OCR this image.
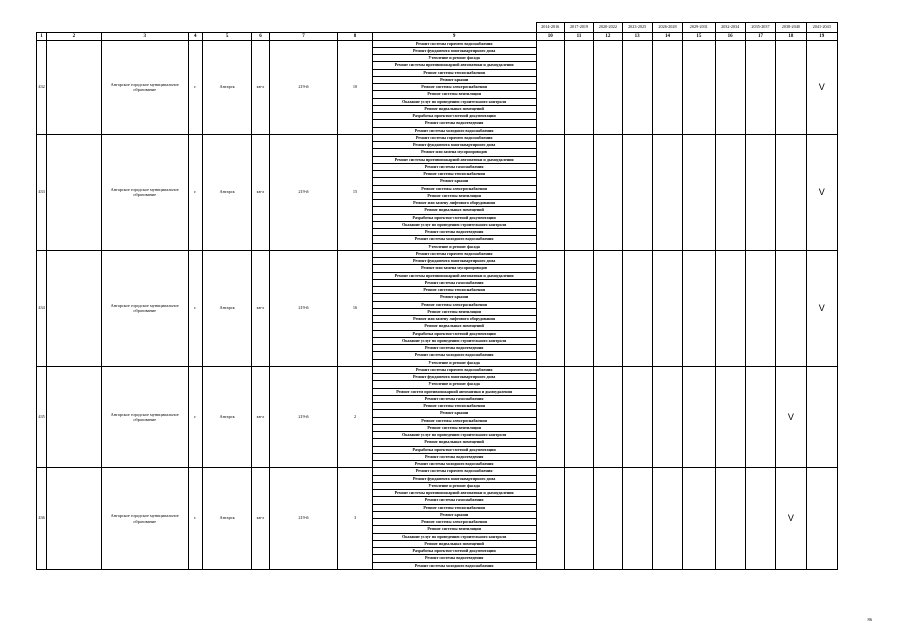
									2014-2016	2017-2019	2020-2022	2023-2025	2026-2028	2029-2031	2032-2034	2035-2037	2038-2040	2041-2043
1	2	3	4	5	6	7	8	9	10	11	12	13	14	15	16	17	18	19
432		Ангарское городское муниципальное образование	г.	Ангарск	кв-л	219-й	10	Ремонт системы горячего водоснабжения										V
								Ремонт фундамента многоквартирного дома										
								Утепление и ремонт фасада										
								Ремонт системы противопожарной автоматики и дымоудаления										
								Ремонт системы теплоснабжения										
								Ремонт крыши										
								Ремонт системы электроснабжения										
								Ремонт системы вентиляции										
								Оказание услуг по проведению строительного контроля										
								Ремонт подвальных помещений										
								Разработка проектно-сметной документации										
								Ремонт системы водоотведения										
								Ремонт системы холодного водоснабжения										
433		Ангарское городское муниципальное образование	г.	Ангарск	кв-л	219-й	15	Ремонт системы горячего водоснабжения										V
								Ремонт фундамента многоквартирного дома										
								Ремонт или замена мусоропроводов										
								Ремонт системы противопожарной автоматики и дымоудаления										
								Ремонт системы газоснабжения										
								Ремонт системы теплоснабжения										
								Ремонт крыши										
								Ремонт системы электроснабжения										
								Ремонт системы вентиляции										
								Ремонт или замену лифтового оборудования										
								Ремонт подвальных помещений										
								Разработка проектно-сметной документации										
								Оказание услуг по проведению строительного контроля										
								Ремонт системы водоотведения										
								Ремонт системы холодного водоснабжения										
								Утепление и ремонт фасада										
434		Ангарское городское муниципальное образование	г.	Ангарск	кв-л	219-й	16	Ремонт системы горячего водоснабжения										V
								Ремонт фундамента многоквартирного дома										
								Ремонт или замена мусоропроводов										
								Ремонт системы противопожарной автоматики и дымоудаления										
								Ремонт системы газоснабжения										
								Ремонт системы теплоснабжения										
								Ремонт крыши										
								Ремонт системы электроснабжения										
								Ремонт системы вентиляции										
								Ремонт или замену лифтового оборудования										
								Ремонт подвальных помещений										
								Разработка проектно-сметной документации										
								Оказание услуг по проведению строительного контроля										
								Ремонт системы водоотведения										
								Ремонт системы холодного водоснабжения										
								Утепление и ремонт фасада										
435		Ангарское городское муниципальное образование	г.	Ангарск	кв-л	219-й	2	Ремонт системы горячего водоснабжения									V	
								Ремонт фундамента многоквартирного дома										
								Утепление и ремонт фасада										
								Ремонт систем противопожарной автоматики и дымоудаления										
								Ремонт системы газоснабжения										
								Ремонт системы теплоснабжения										
								Ремонт крыши										
								Ремонт системы электроснабжения										
								Ремонт системы вентиляции										
								Оказание услуг по проведению строительного контроля										
								Ремонт подвальных помещений										
								Разработка проектно-сметной документации										
								Ремонт системы водоотведения										
								Ремонт системы холодного водоснабжения										
436		Ангарское городское муниципальное образование	г.	Ангарск	кв-л	219-й	3	Ремонт системы горячего водоснабжения									V	
								Ремонт фундамента многоквартирного дома										
								Утепление и ремонт фасада										
								Ремонт системы противопожарной автоматики и дымоудаления										
								Ремонт системы газоснабжения										
								Ремонт системы теплоснабжения										
								Ремонт крыши										
								Ремонт системы электроснабжения										
								Ремонт системы вентиляции										
								Оказание услуг по проведению строительного контроля										
								Ремонт подвальных помещений										
								Разработка проектно-сметной документации										
								Ремонт системы водоотведения										
								Ремонт системы холодного водоснабжения										
86
